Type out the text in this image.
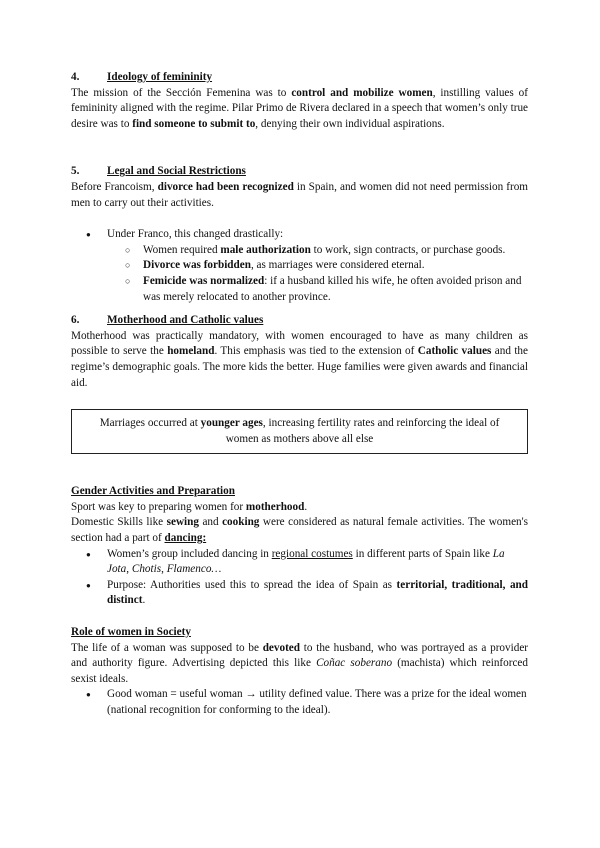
4. Ideology of femininity
The mission of the Sección Femenina was to control and mobilize women, instilling values of femininity aligned with the regime. Pilar Primo de Rivera declared in a speech that women’s only true desire was to find someone to submit to, denying their own individual aspirations.
5. Legal and Social Restrictions
Before Francoism, divorce had been recognized in Spain, and women did not need permission from men to carry out their activities.
● Under Franco, this changed drastically:
○ Women required male authorization to work, sign contracts, or purchase goods.
○ Divorce was forbidden, as marriages were considered eternal.
○ Femicide was normalized: if a husband killed his wife, he often avoided prison and was merely relocated to another province.
6. Motherhood and Catholic values
Motherhood was practically mandatory, with women encouraged to have as many children as possible to serve the homeland. This emphasis was tied to the extension of Catholic values and the regime’s demographic goals. The more kids the better. Huge families were given awards and financial aid.
Marriages occurred at younger ages, increasing fertility rates and reinforcing the ideal of women as mothers above all else
Gender Activities and Preparation
Sport was key to preparing women for motherhood.
Domestic Skills like sewing and cooking were considered as natural female activities. The women's section had a part of dancing:
● Women’s group included dancing in regional costumes in different parts of Spain like La Jota, Chotis, Flamenco…
● Purpose: Authorities used this to spread the idea of Spain as territorial, traditional, and distinct.
Role of women in Society
The life of a woman was supposed to be devoted to the husband, who was portrayed as a provider and authority figure. Advertising depicted this like Coñac soberano (machista) which reinforced sexist ideals.
● Good woman = useful woman → utility defined value. There was a prize for the ideal women (national recognition for conforming to the ideal).
